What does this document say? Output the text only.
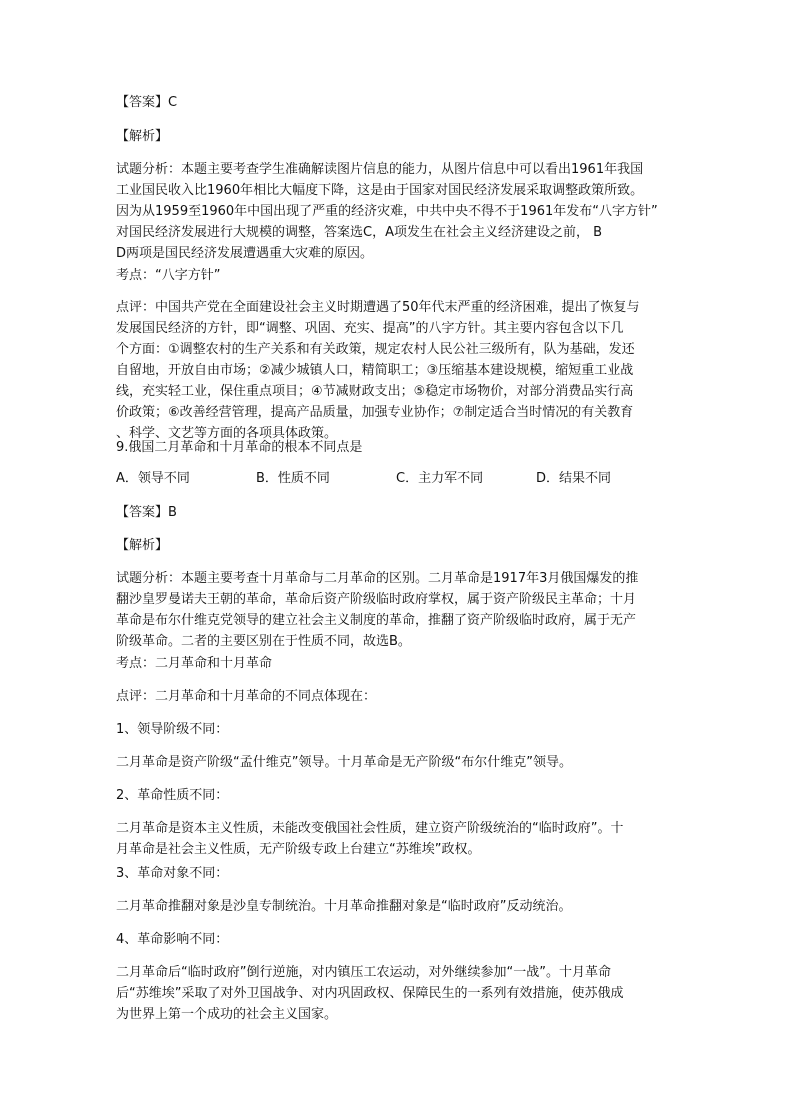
【答案】C
【解析】
试题分析：本题主要考查学生准确解读图片信息的能力，从图片信息中可以看出1961年我国
工业国民收入比1960年相比大幅度下降，这是由于国家对国民经济发展采取调整政策所致。
因为从1959至1960年中国出现了严重的经济灾难，中共中央不得不于1961年发布“八字方针”
对国民经济发展进行大规模的调整，答案选C，A项发生在社会主义经济建设之前， B
D两项是国民经济发展遭遇重大灾难的原因。
考点：“八字方针”
点评：中国共产党在全面建设社会主义时期遭遇了50年代末严重的经济困难，提出了恢复与
发展国民经济的方针，即“调整、巩固、充实、提高”的八字方针。其主要内容包含以下几
个方面：①调整农村的生产关系和有关政策，规定农村人民公社三级所有，队为基础，发还
自留地，开放自由市场；②减少城镇人口，精简职工；③压缩基本建设规模，缩短重工业战
线，充实轻工业，保住重点项目；④节减财政支出；⑤稳定市场物价，对部分消费品实行高
价政策；⑥改善经营管理，提高产品质量，加强专业协作；⑦制定适合当时情况的有关教育
、科学、文艺等方面的各项具体政策。
9.俄国二月革命和十月革命的根本不同点是
A．领导不同	B．性质不同	C．主力军不同	D．结果不同
【答案】B
【解析】
试题分析：本题主要考查十月革命与二月革命的区别。二月革命是1917年3月俄国爆发的推
翻沙皇罗曼诺夫王朝的革命，革命后资产阶级临时政府掌权，属于资产阶级民主革命；十月
革命是布尔什维克党领导的建立社会主义制度的革命，推翻了资产阶级临时政府，属于无产
阶级革命。二者的主要区别在于性质不同，故选B。
考点：二月革命和十月革命
点评：二月革命和十月革命的不同点体现在：
1、领导阶级不同：
二月革命是资产阶级“孟什维克”领导。十月革命是无产阶级“布尔什维克”领导。
2、革命性质不同：
二月革命是资本主义性质，未能改变俄国社会性质，建立资产阶级统治的“临时政府”。十
月革命是社会主义性质，无产阶级专政上台建立“苏维埃”政权。
3、革命对象不同：
二月革命推翻对象是沙皇专制统治。十月革命推翻对象是“临时政府”反动统治。
4、革命影响不同：
二月革命后“临时政府”倒行逆施，对内镇压工农运动，对外继续参加“一战”。十月革命
后“苏维埃”采取了对外卫国战争、对内巩固政权、保障民生的一系列有效措施，使苏俄成
为世界上第一个成功的社会主义国家。
